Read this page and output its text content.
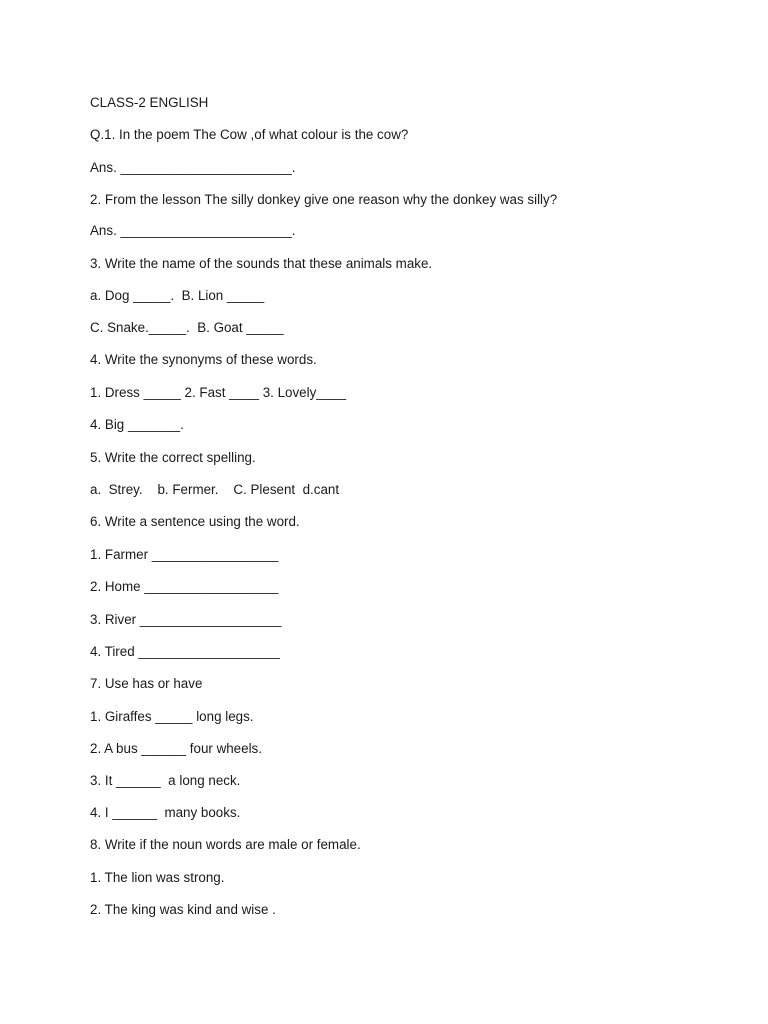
CLASS-2 ENGLISH

Q.1. In the poem The Cow ,of what colour is the cow?

Ans. _______________________.

2. From the lesson The silly donkey give one reason why the donkey was silly?

Ans. _______________________.

3. Write the name of the sounds that these animals make.

a. Dog _____.  B. Lion _____

C. Snake._____.  B. Goat _____

4. Write the synonyms of these words.

1. Dress _____ 2. Fast ____ 3. Lovely____

4. Big _______.

5. Write the correct spelling.

a.  Strey.    b. Fermer.    C. Plesent  d.cant

6. Write a sentence using the word.

1. Farmer _________________

2. Home __________________

3. River ___________________

4. Tired ___________________

7. Use has or have

1. Giraffes _____ long legs.

2. A bus ______ four wheels.

3. It ______  a long neck.

4. I ______  many books.

8. Write if the noun words are male or female.

1. The lion was strong.

2. The king was kind and wise .
